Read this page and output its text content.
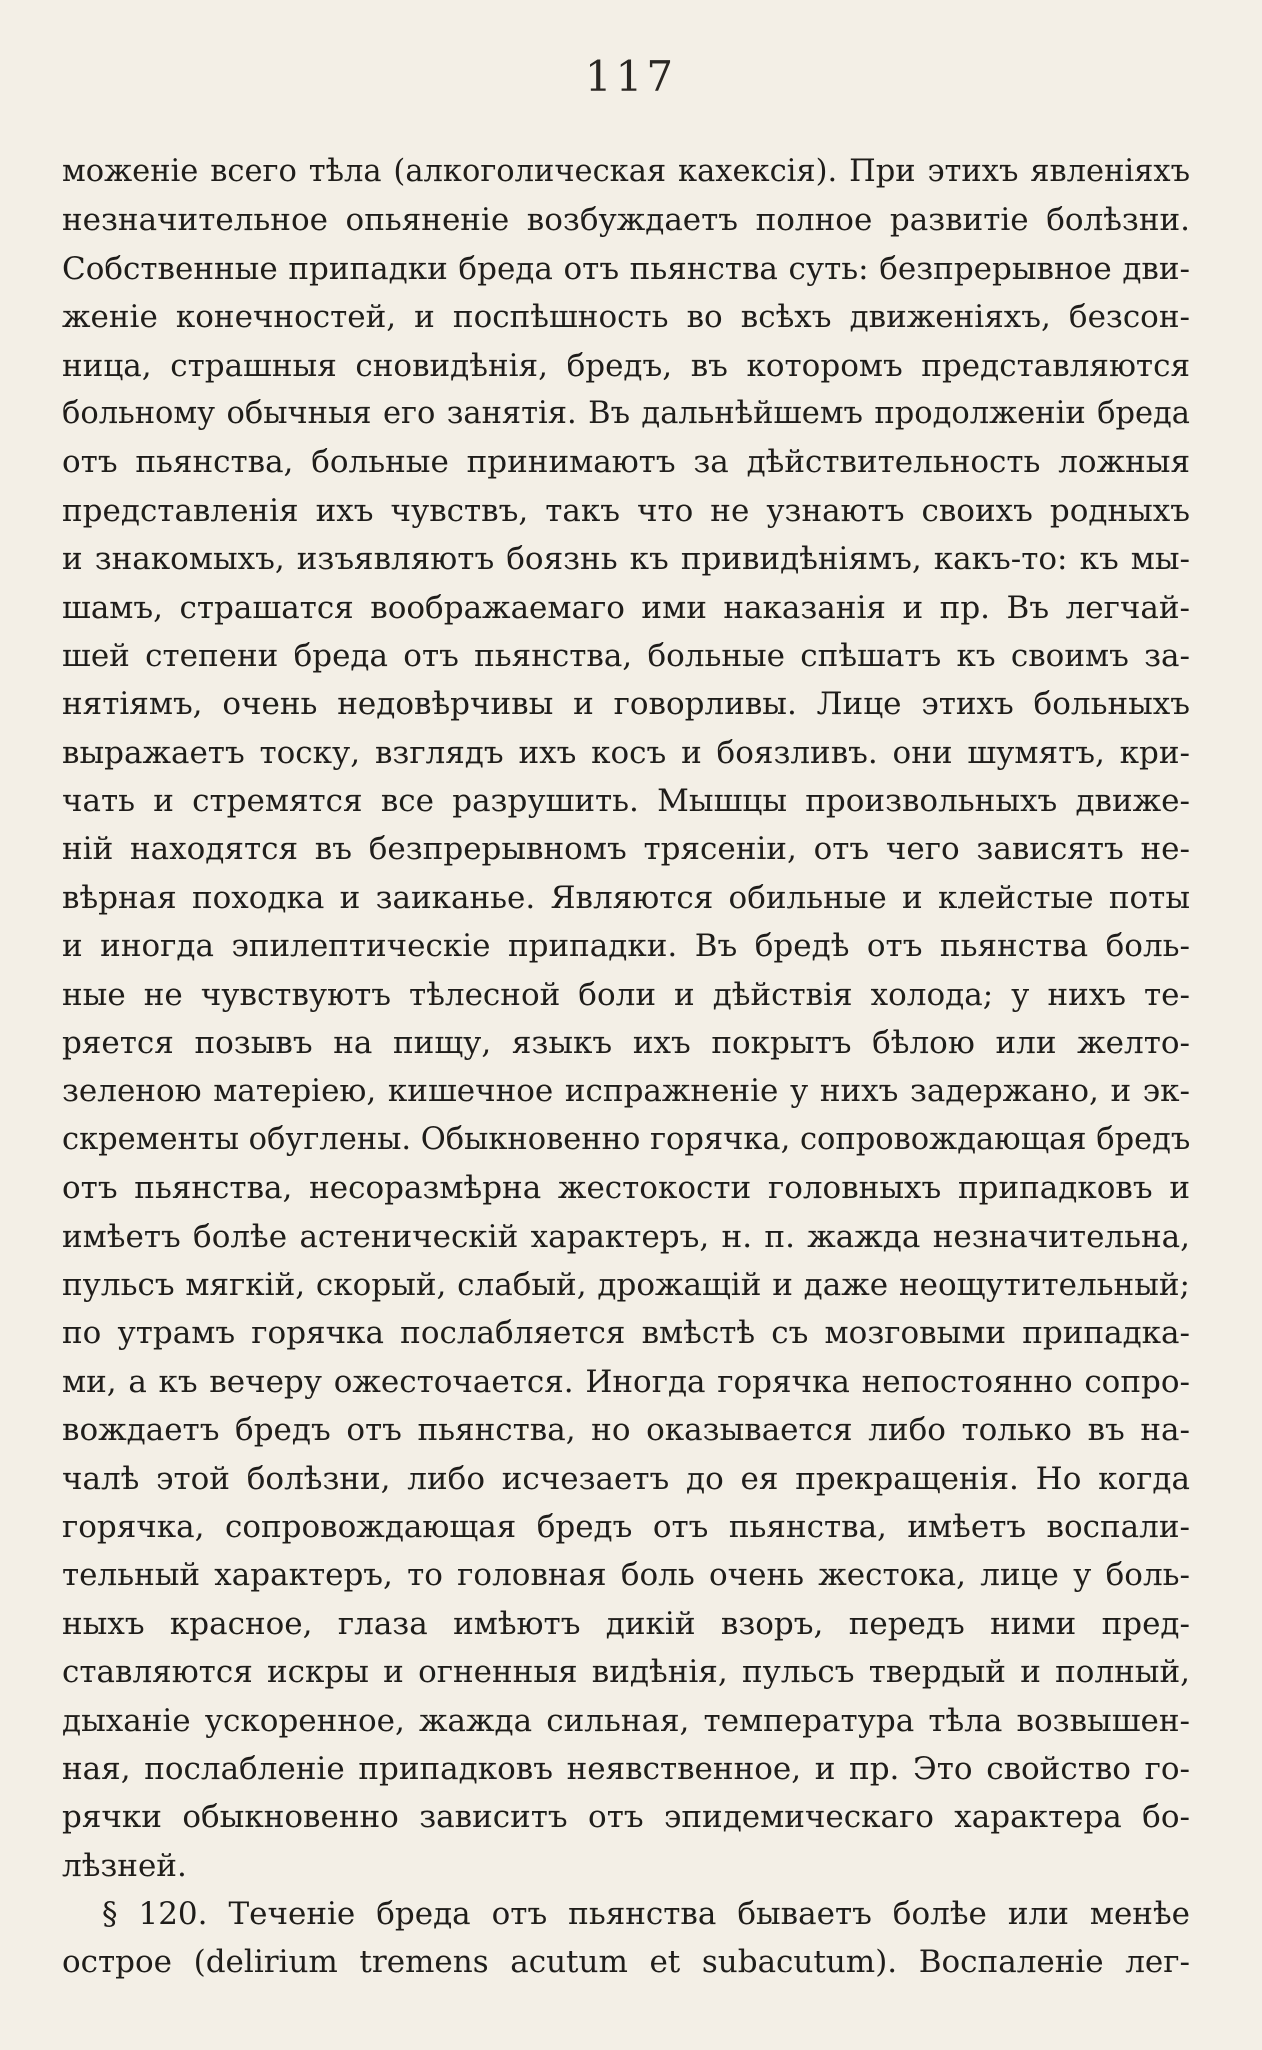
117
моженіе всего тѣла (алкоголическая кахексія). При этихъ явленіяхъ
незначительное опьяненіе возбуждаетъ полное развитіе болѣзни.
Собственные припадки бреда отъ пьянства суть: безпрерывное дви-
женіе конечностей, и поспѣшность во всѣхъ движеніяхъ, безсон-
ница, страшныя сновидѣнія, бредъ, въ которомъ представляются
больному обычныя его занятія. Въ дальнѣйшемъ продолженіи бреда
отъ пьянства, больные принимаютъ за дѣйствительность ложныя
представленія ихъ чувствъ, такъ что не узнаютъ своихъ родныхъ
и знакомыхъ, изъявляютъ боязнь къ привидѣніямъ, какъ-то: къ мы-
шамъ, страшатся воображаемаго ими наказанія и пр. Въ легчай-
шей степени бреда отъ пьянства, больные спѣшатъ къ своимъ за-
нятіямъ, очень недовѣрчивы и говорливы. Лице этихъ больныхъ
выражаетъ тоску, взглядъ ихъ косъ и боязливъ. они шумятъ, кри-
чать и стремятся все разрушить. Мышцы произвольныхъ движе-
ній находятся въ безпрерывномъ трясеніи, отъ чего зависятъ не-
вѣрная походка и заиканье. Являются обильные и клейстые поты
и иногда эпилептическіе припадки. Въ бредѣ отъ пьянства боль-
ные не чувствуютъ тѣлесной боли и дѣйствія холода; у нихъ те-
ряется позывъ на пищу, языкъ ихъ покрытъ бѣлою или желто-
зеленою матеріею, кишечное испражненіе у нихъ задержано, и эк-
скременты обуглены. Обыкновенно горячка, сопровождающая бредъ
отъ пьянства, несоразмѣрна жестокости головныхъ припадковъ и
имѣетъ болѣе астеническій характеръ, н. п. жажда незначительна,
пульсъ мягкій, скорый, слабый, дрожащій и даже неощутительный;
по утрамъ горячка послабляется вмѣстѣ съ мозговыми припадка-
ми, а къ вечеру ожесточается. Иногда горячка непостоянно сопро-
вождаетъ бредъ отъ пьянства, но оказывается либо только въ на-
чалѣ этой болѣзни, либо исчезаетъ до ея прекращенія. Но когда
горячка, сопровождающая бредъ отъ пьянства, имѣетъ воспали-
тельный характеръ, то головная боль очень жестока, лице у боль-
ныхъ красное, глаза имѣютъ дикій взоръ, передъ ними пред-
ставляются искры и огненныя видѣнія, пульсъ твердый и полный,
дыханіе ускоренное, жажда сильная, температура тѣла возвышен-
ная, послабленіе припадковъ неявственное, и пр. Это свойство го-
рячки обыкновенно зависитъ отъ эпидемическаго характера бо-
лѣзней.
§ 120. Теченіе бреда отъ пьянства бываетъ болѣе или менѣе
острое (delirium tremens acutum et subacutum). Воспаленіе лег-
